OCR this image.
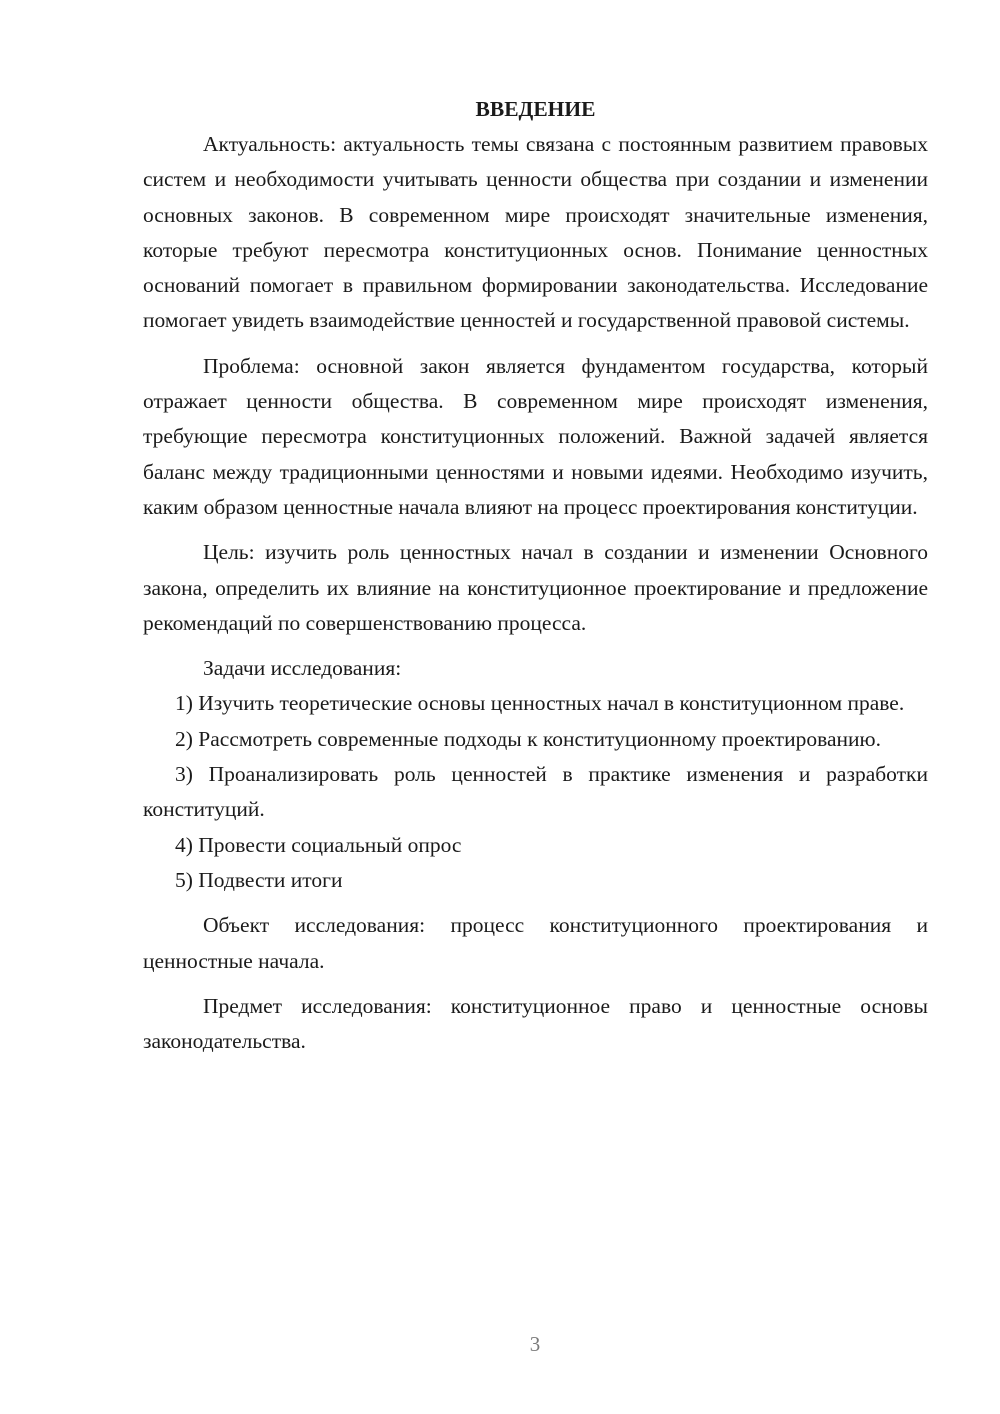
ВВЕДЕНИЕ

Актуальность: актуальность темы связана с постоянным развитием правовых систем и необходимости учитывать ценности общества при создании и изменении основных законов. В современном мире происходят значительные изменения, которые требуют пересмотра конституционных основ. Понимание ценностных оснований помогает в правильном формировании законодательства. Исследование помогает увидеть взаимодействие ценностей и государственной правовой системы.

Проблема: основной закон является фундаментом государства, который отражает ценности общества. В современном мире происходят изменения, требующие пересмотра конституционных положений. Важной задачей является баланс между традиционными ценностями и новыми идеями. Необходимо изучить, каким образом ценностные начала влияют на процесс проектирования конституции.

Цель: изучить роль ценностных начал в создании и изменении Основного закона, определить их влияние на конституционное проектирование и предложение рекомендаций по совершенствованию процесса.

Задачи исследования:

1) Изучить теоретические основы ценностных начал в конституционном праве.

2) Рассмотреть современные подходы к конституционному проектированию.

3) Проанализировать роль ценностей в практике изменения и разработки конституций.

4) Провести социальный опрос

5) Подвести итоги

Объект исследования: процесс конституционного проектирования и ценностные начала.

Предмет исследования: конституционное право и ценностные основы законодательства.

3
